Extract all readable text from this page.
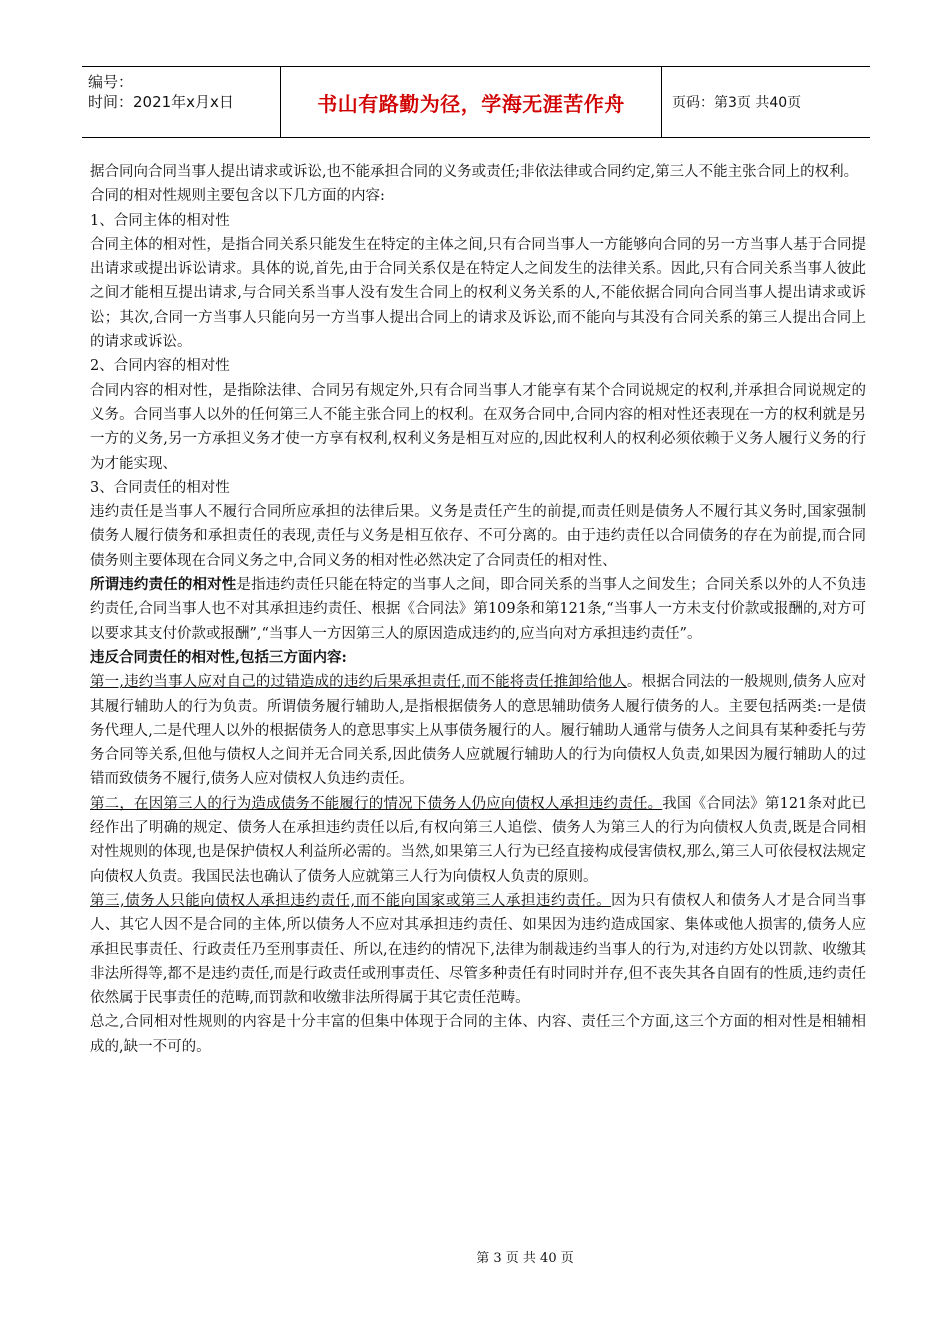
编号：
时间：2021年x月x日	书山有路勤为径，学海无涯苦作舟	页码：第3页 共40页

据合同向合同当事人提出请求或诉讼,也不能承担合同的义务或责任;非依法律或合同约定,第三人不能主张合同上的权利。

合同的相对性规则主要包含以下几方面的内容:

1、合同主体的相对性

合同主体的相对性，是指合同关系只能发生在特定的主体之间,只有合同当事人一方能够向合同的另一方当事人基于合同提出请求或提出诉讼请求。具体的说,首先,由于合同关系仅是在特定人之间发生的法律关系。因此,只有合同关系当事人彼此之间才能相互提出请求,与合同关系当事人没有发生合同上的权利义务关系的人,不能依据合同向合同当事人提出请求或诉讼；其次,合同一方当事人只能向另一方当事人提出合同上的请求及诉讼,而不能向与其没有合同关系的第三人提出合同上的请求或诉讼。

2、合同内容的相对性

合同内容的相对性，是指除法律、合同另有规定外,只有合同当事人才能享有某个合同说规定的权利,并承担合同说规定的义务。合同当事人以外的任何第三人不能主张合同上的权利。在双务合同中,合同内容的相对性还表现在一方的权利就是另一方的义务,另一方承担义务才使一方享有权利,权利义务是相互对应的,因此权利人的权利必须依赖于义务人履行义务的行为才能实现、

3、合同责任的相对性

违约责任是当事人不履行合同所应承担的法律后果。义务是责任产生的前提,而责任则是债务人不履行其义务时,国家强制债务人履行债务和承担责任的表现,责任与义务是相互依存、不可分离的。由于违约责任以合同债务的存在为前提,而合同债务则主要体现在合同义务之中,合同义务的相对性必然决定了合同责任的相对性、

所谓违约责任的相对性是指违约责任只能在特定的当事人之间，即合同关系的当事人之间发生；合同关系以外的人不负违约责任,合同当事人也不对其承担违约责任、根据《合同法》第109条和第121条,“当事人一方未支付价款或报酬的,对方可以要求其支付价款或报酬”,“当事人一方因第三人的原因造成违约的,应当向对方承担违约责任”。

违反合同责任的相对性,包括三方面内容:

第一,违约当事人应对自己的过错造成的违约后果承担责任,而不能将责任推卸给他人。根据合同法的一般规则,债务人应对其履行辅助人的行为负责。所谓债务履行辅助人,是指根据债务人的意思辅助债务人履行债务的人。主要包括两类:一是债务代理人,二是代理人以外的根据债务人的意思事实上从事债务履行的人。履行辅助人通常与债务人之间具有某种委托与劳务合同等关系,但他与债权人之间并无合同关系,因此债务人应就履行辅助人的行为向债权人负责,如果因为履行辅助人的过错而致债务不履行,债务人应对债权人负违约责任。

第二，在因第三人的行为造成债务不能履行的情况下债务人仍应向债权人承担违约责任。我国《合同法》第121条对此已经作出了明确的规定、债务人在承担违约责任以后,有权向第三人追偿、债务人为第三人的行为向债权人负责,既是合同相对性规则的体现,也是保护债权人利益所必需的。当然,如果第三人行为已经直接构成侵害债权,那么,第三人可依侵权法规定向债权人负责。我国民法也确认了债务人应就第三人行为向债权人负责的原则。

第三,债务人只能向债权人承担违约责任,而不能向国家或第三人承担违约责任。因为只有债权人和债务人才是合同当事人、其它人因不是合同的主体,所以债务人不应对其承担违约责任、如果因为违约造成国家、集体或他人损害的,债务人应承担民事责任、行政责任乃至刑事责任、所以,在违约的情况下,法律为制裁违约当事人的行为,对违约方处以罚款、收缴其非法所得等,都不是违约责任,而是行政责任或刑事责任、尽管多种责任有时同时并存,但不丧失其各自固有的性质,违约责任依然属于民事责任的范畴,而罚款和收缴非法所得属于其它责任范畴。

总之,合同相对性规则的内容是十分丰富的但集中体现于合同的主体、内容、责任三个方面,这三个方面的相对性是相辅相成的,缺一不可的。

第 3 页 共 40 页
